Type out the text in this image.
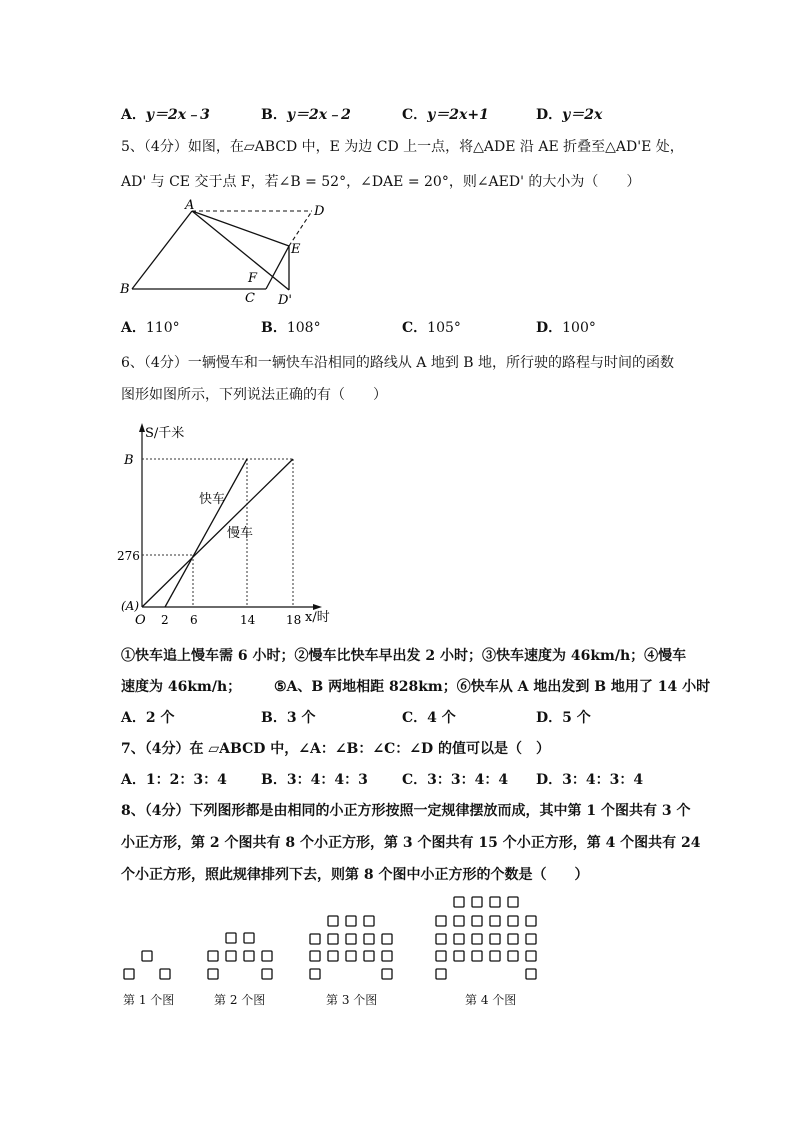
A．y＝2x﹣3	B．y＝2x﹣2	C．y＝2x+1	D．y＝2x
5、（4分）如图，在▱ABCD 中，E 为边 CD 上一点，将△ADE 沿 AE 折叠至△AD'E 处，
AD' 与 CE 交于点 F，若∠B = 52°，∠DAE = 20°，则∠AED' 的大小为（　　）
A	D
E
F
B
C D'
A．110°	B．108°	C．105°	D．100°
6、（4分）一辆慢车和一辆快车沿相同的路线从 A 地到 B 地，所行驶的路程与时间的函数
图形如图所示，下列说法正确的有（　　）
S/千米
x/时
B
276
(A)
O
快车
慢车
2 6	14	18
①快车追上慢车需 6 小时；②慢车比快车早出发 2 小时；③快车速度为 46km/h；④慢车
速度为 46km/h； ⑤A、B 两地相距 828km；⑥快车从 A 地出发到 B 地用了 14 小时
A．2 个	B．3 个	C．4 个	D．5 个
7、（4分）在 ▱ABCD 中，∠A：∠B：∠C：∠D 的值可以是（　）
A．1：2：3：4 B．3：4：4：3 C．3：3：4：4 D．3：4：3：4
8、（4分）下列图形都是由相同的小正方形按照一定规律摆放而成，其中第 1 个图共有 3 个
小正方形，第 2 个图共有 8 个小正方形，第 3 个图共有 15 个小正方形，第 4 个图共有 24
个小正方形，照此规律排列下去，则第 8 个图中小正方形的个数是（　　）
第 1 个图	第 2 个图	第 3 个图	第 4 个图
